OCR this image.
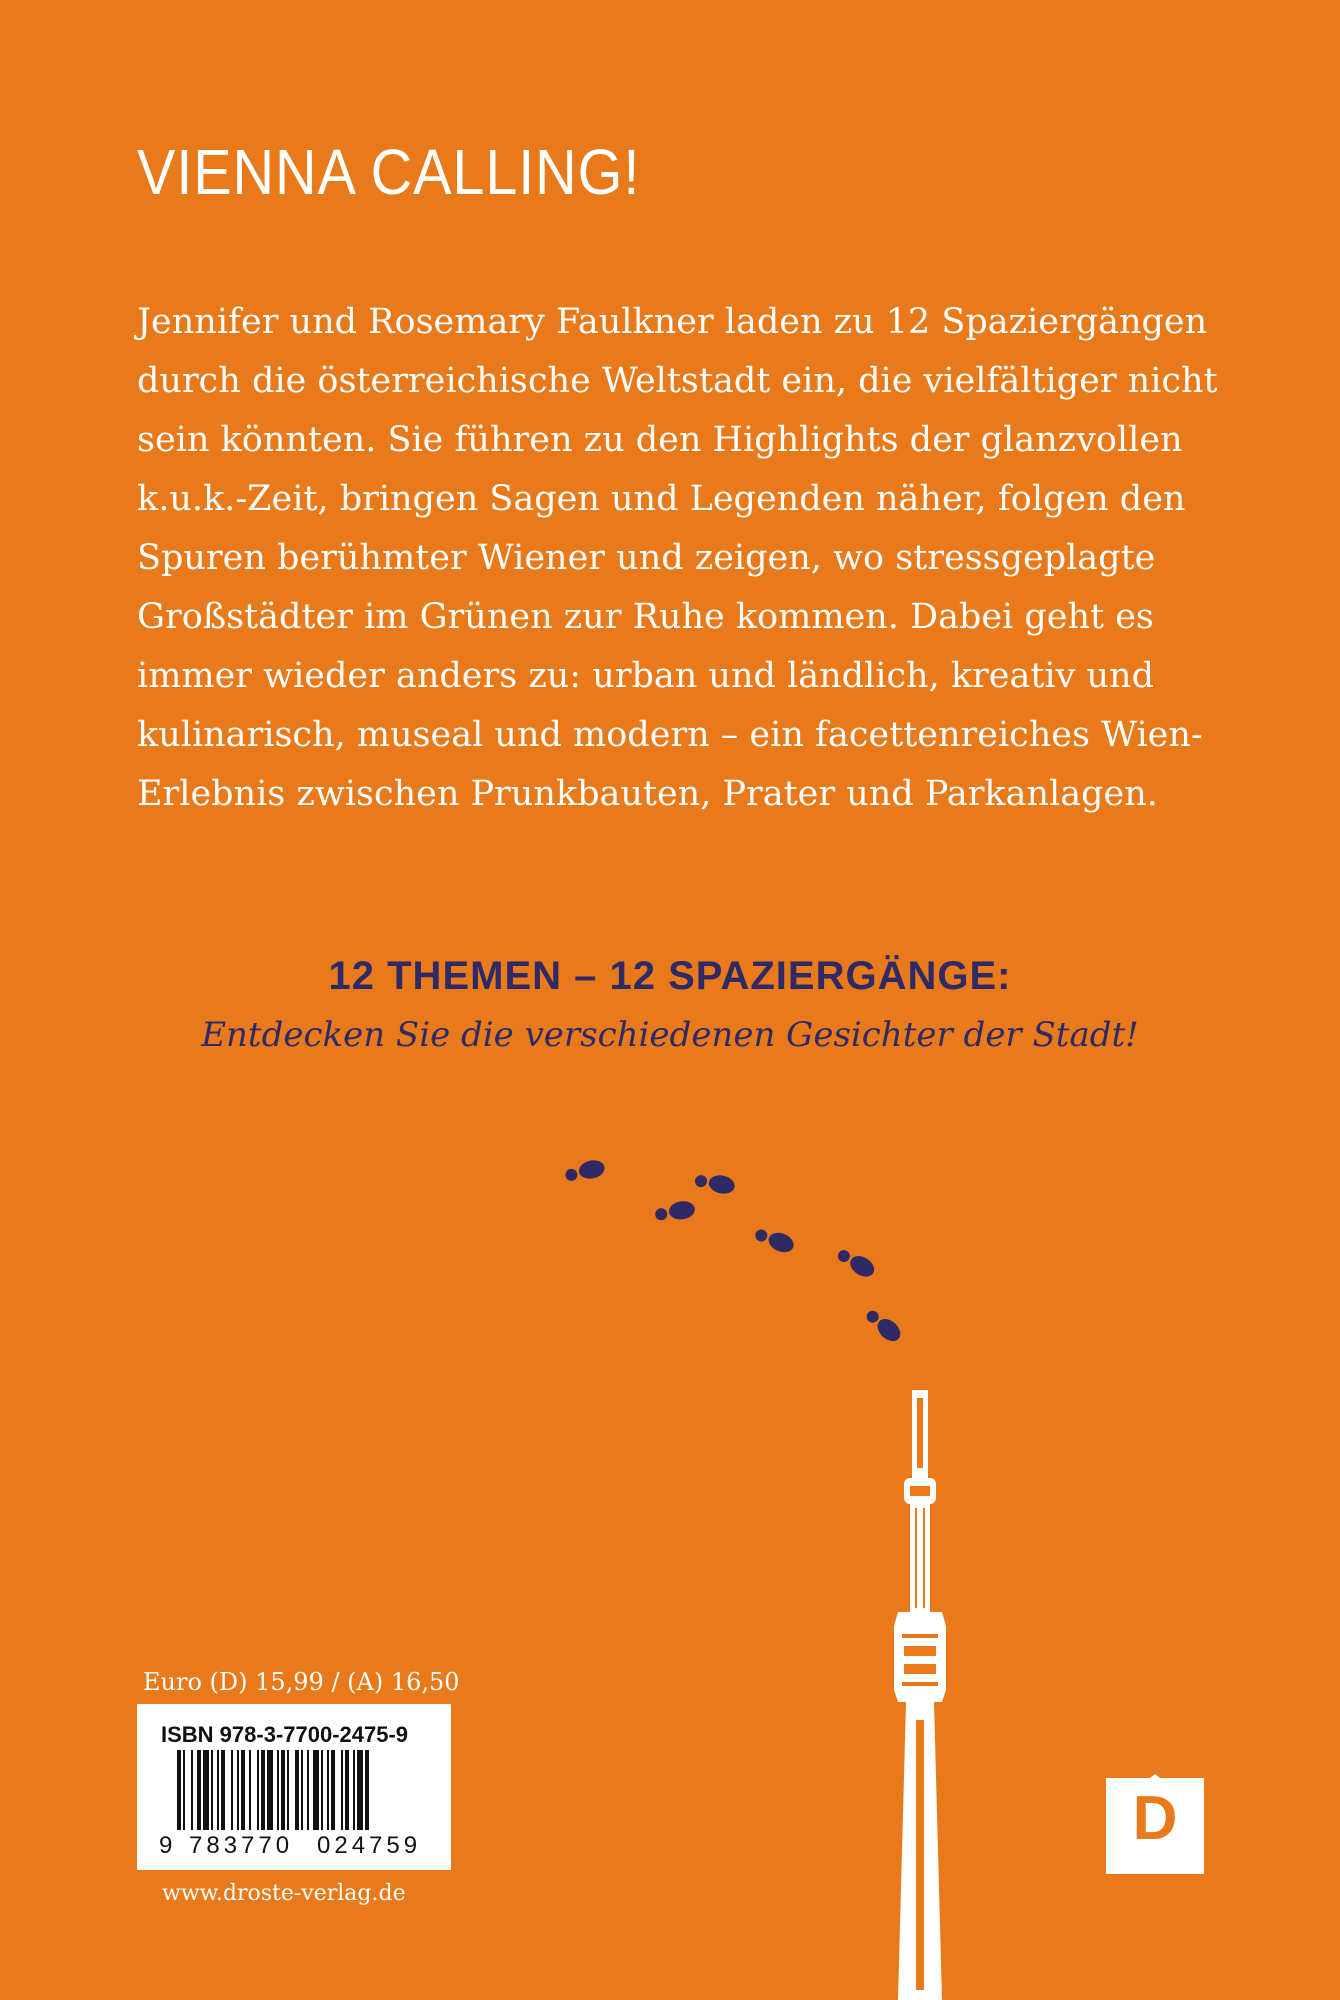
VIENNA CALLING!
Jennifer und Rosemary Faulkner laden zu 12 Spaziergängen
durch die österreichische Weltstadt ein, die vielfältiger nicht
sein könnten. Sie führen zu den Highlights der glanzvollen
k.u.k.-Zeit, bringen Sagen und Legenden näher, folgen den
Spuren berühmter Wiener und zeigen, wo stressgeplagte
Großstädter im Grünen zur Ruhe kommen. Dabei geht es
immer wieder anders zu: urban und ländlich, kreativ und
kulinarisch, museal und modern – ein facettenreiches Wien-
Erlebnis zwischen Prunkbauten, Prater und Parkanlagen.
12 THEMEN – 12 SPAZIERGÄNGE:
Entdecken Sie die verschiedenen Gesichter der Stadt!
Euro (D) 15,99 / (A) 16,50
ISBN 978-3-7700-2475-9
9 783770 024759
www.droste-verlag.de
D
